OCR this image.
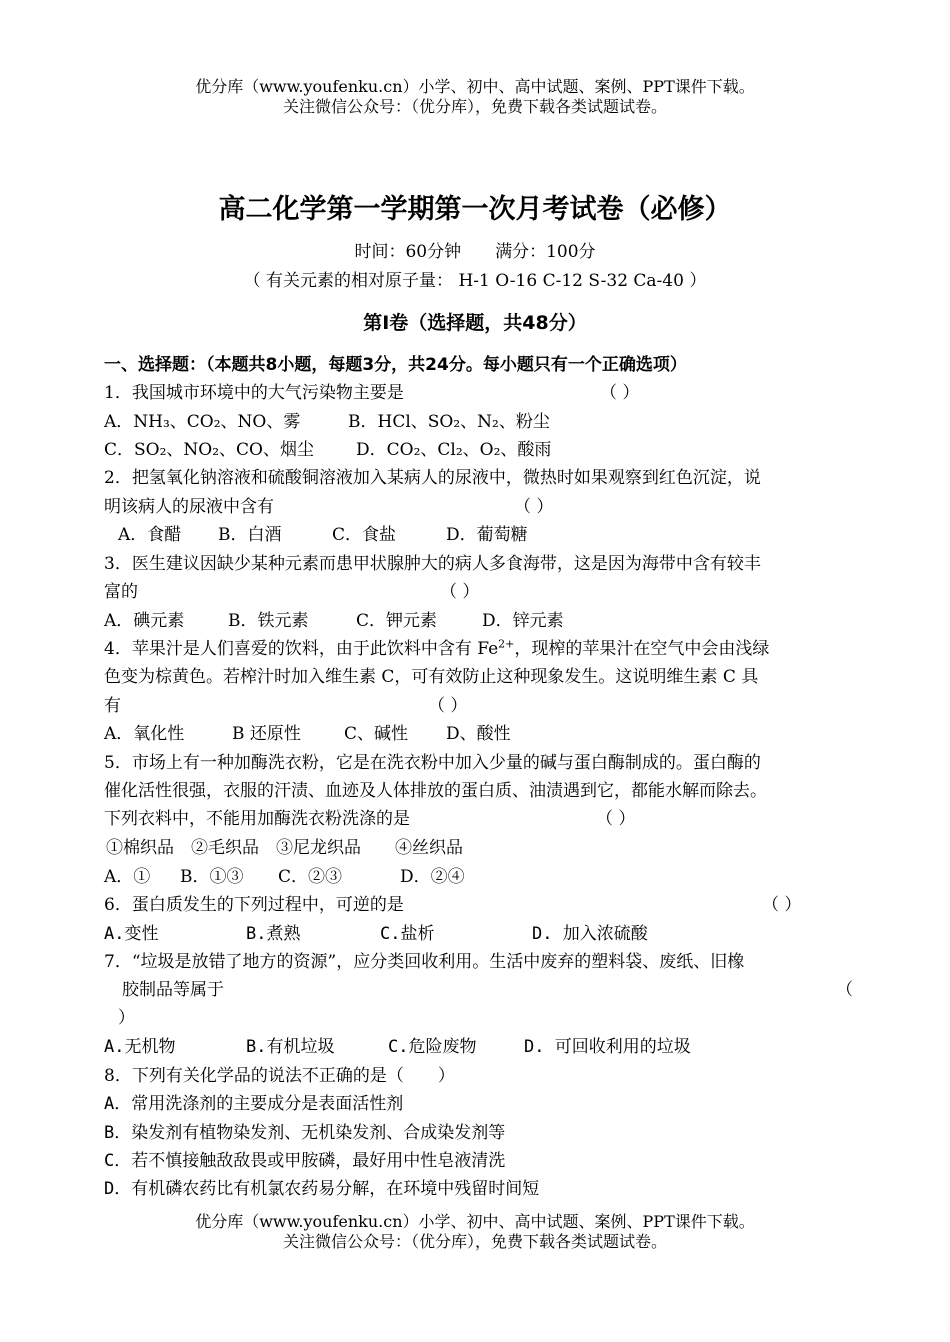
优分库（www.youfenku.cn）小学、初中、高中试题、案例、PPT课件下载。
关注微信公众号：（优分库），免费下载各类试题试卷。
高二化学第一学期第一次月考试卷（必修）
时间：60分钟　　满分：100分
（ 有关元素的相对原子量： H-1 O-16 C-12 S-32 Ca-40 ）
第Ⅰ卷（选择题，共48分）
一、选择题：（本题共8小题，每题3分，共24分。每小题只有一个正确选项）
1．我国城市环境中的大气污染物主要是	（ ）
A．NH₃、CO₂、NO、雾	B．HCl、SO₂、N₂、粉尘
C．SO₂、NO₂、CO、烟尘 D．CO₂、Cl₂、O₂、酸雨
2．把氢氧化钠溶液和硫酸铜溶液加入某病人的尿液中，微热时如果观察到红色沉淀，说
明该病人的尿液中含有	（ ）
A．食醋 B．白酒	C．食盐	D．葡萄糖
3．医生建议因缺少某种元素而患甲状腺肿大的病人多食海带，这是因为海带中含有较丰
富的	（ ）
A．碘元素	B．铁元素	C．钾元素	D．锌元素
4．苹果汁是人们喜爱的饮料，由于此饮料中含有 $Fe^{2+}$，现榨的苹果汁在空气中会由浅绿
色变为棕黄色。若榨汁时加入维生素 C，可有效防止这种现象发生。这说明维生素 C 具
有	（ ）
A．氧化性	B 还原性	C、碱性 D、酸性
5．市场上有一种加酶洗衣粉，它是在洗衣粉中加入少量的碱与蛋白酶制成的。蛋白酶的
催化活性很强，衣服的汗渍、血迹及人体排放的蛋白质、油渍遇到它，都能水解而除去。
下列衣料中，不能用加酶洗衣粉洗涤的是	（ ）
①棉织品　②毛织品　③尼龙织品　　④丝织品
A．① B．①③ C．②③	D．②④
6．蛋白质发生的下列过程中，可逆的是	（ ）
A.变性	B.煮熟	C.盐析	D. 加入浓硫酸
7．“垃圾是放错了地方的资源”，应分类回收利用。生活中废弃的塑料袋、废纸、旧橡
胶制品等属于	（
）
A.无机物	B.有机垃圾	C.危险废物	D. 可回收利用的垃圾
8．下列有关化学品的说法不正确的是（　　）
A．常用洗涤剂的主要成分是表面活性剂
B．染发剂有植物染发剂、无机染发剂、合成染发剂等
C．若不慎接触敌敌畏或甲胺磷，最好用中性皂液清洗
D．有机磷农药比有机氯农药易分解，在环境中残留时间短
优分库（www.youfenku.cn）小学、初中、高中试题、案例、PPT课件下载。
关注微信公众号：（优分库），免费下载各类试题试卷。
